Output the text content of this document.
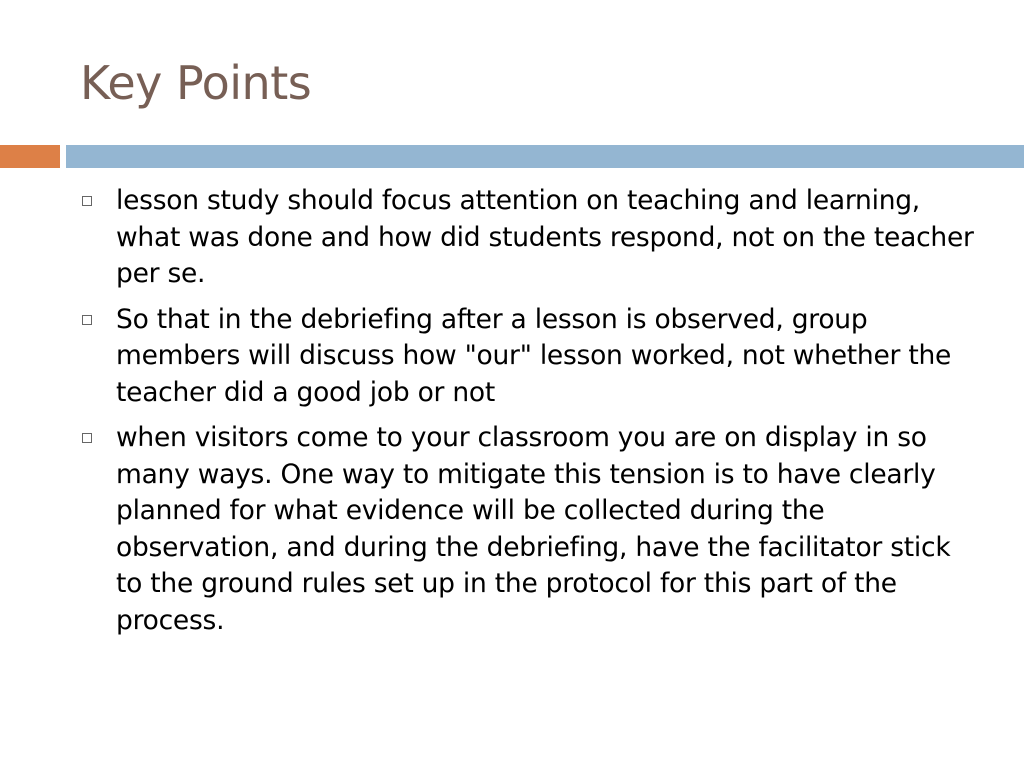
Key Points
lesson study should focus attention on teaching and learning, what was done and how did students respond, not on the teacher per se.
So that in the debriefing after a lesson is observed, group members will discuss how "our" lesson worked, not whether the teacher did a good job or not
when visitors come to your classroom you are on display in so many ways. One way to mitigate this tension is to have clearly planned for what evidence will be collected during the observation, and during the debriefing, have the facilitator stick to the ground rules set up in the protocol for this part of the process.
